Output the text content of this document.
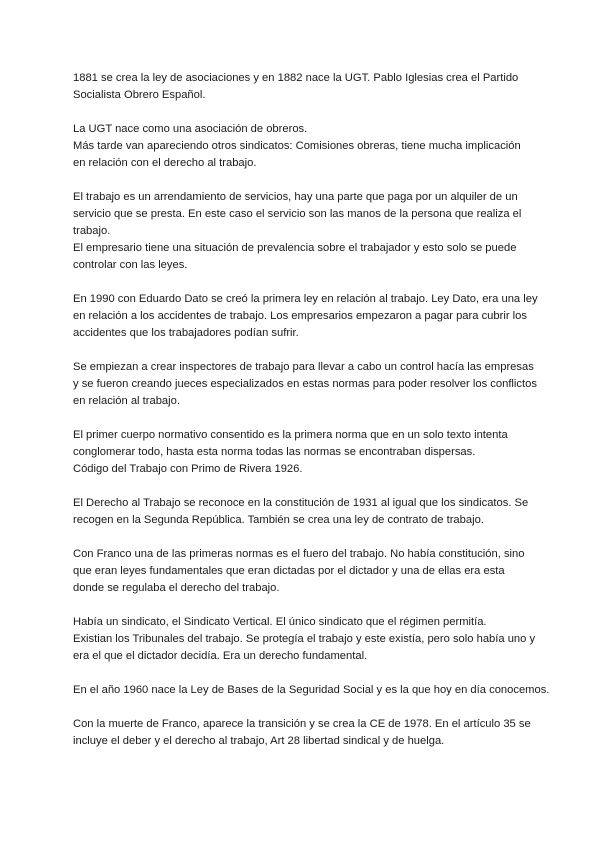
1881 se crea la ley de asociaciones y en 1882 nace la UGT. Pablo Iglesias crea el Partido
Socialista Obrero Español.

La UGT nace como una asociación de obreros.
Más tarde van apareciendo otros sindicatos: Comisiones obreras, tiene mucha implicación
en relación con el derecho al trabajo.

El trabajo es un arrendamiento de servicios, hay una parte que paga por un alquiler de un
servicio que se presta. En este caso el servicio son las manos de la persona que realiza el
trabajo.
El empresario tiene una situación de prevalencia sobre el trabajador y esto solo se puede
controlar con las leyes.

En 1990 con Eduardo Dato se creó la primera ley en relación al trabajo. Ley Dato, era una ley
en relación a los accidentes de trabajo. Los empresarios empezaron a pagar para cubrir los
accidentes que los trabajadores podían sufrir.

Se empiezan a crear inspectores de trabajo para llevar a cabo un control hacía las empresas
y se fueron creando jueces especializados en estas normas para poder resolver los conflictos
en relación al trabajo.

El primer cuerpo normativo consentido es la primera norma que en un solo texto intenta
conglomerar todo, hasta esta norma todas las normas se encontraban dispersas.
Código del Trabajo con Primo de Rivera 1926.

El Derecho al Trabajo se reconoce en la constitución de 1931 al igual que los sindicatos. Se
recogen en la Segunda República. También se crea una ley de contrato de trabajo.

Con Franco una de las primeras normas es el fuero del trabajo. No había constitución, sino
que eran leyes fundamentales que eran dictadas por el dictador y una de ellas era esta
donde se regulaba el derecho del trabajo.

Había un sindicato, el Sindicato Vertical. El único sindicato que el régimen permitía.
Existian los Tribunales del trabajo. Se protegía el trabajo y este existía, pero solo había uno y
era el que el dictador decidía. Era un derecho fundamental.

En el año 1960 nace la Ley de Bases de la Seguridad Social y es la que hoy en día conocemos.

Con la muerte de Franco, aparece la transición y se crea la CE de 1978. En el artículo 35 se
incluye el deber y el derecho al trabajo, Art 28 libertad sindical y de huelga.
